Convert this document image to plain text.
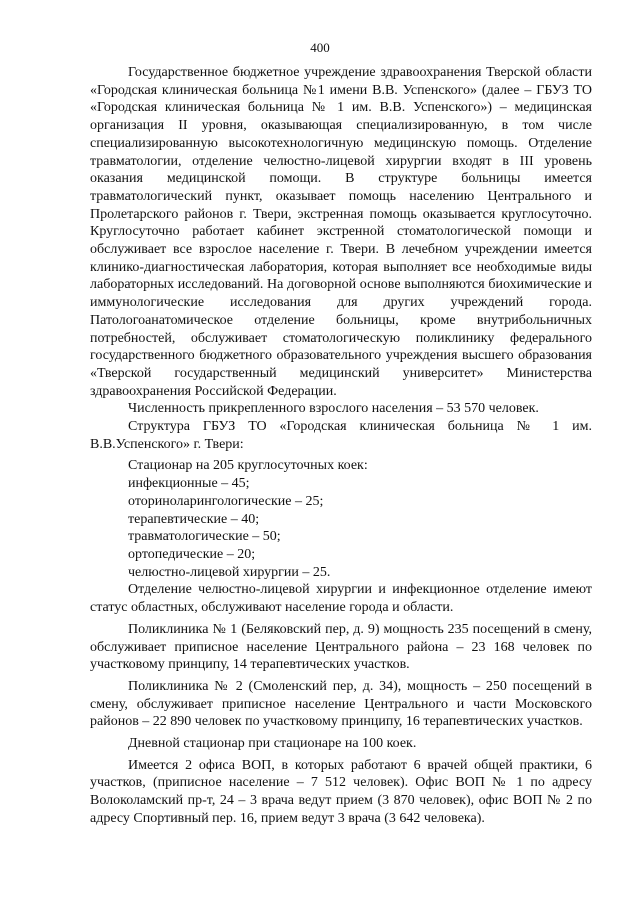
400

Государственное бюджетное учреждение здравоохранения Тверской области «Городская клиническая больница №1 имени В.В. Успенского» (далее – ГБУЗ ТО «Городская клиническая больница № 1 им. В.В. Успенского») – медицинская организация II уровня, оказывающая специализированную, в том числе специализированную высокотехнологичную медицинскую помощь. Отделение травматологии, отделение челюстно-лицевой хирургии входят в III уровень оказания медицинской помощи. В структуре больницы имеется травматологический пункт, оказывает помощь населению Центрального и Пролетарского районов г. Твери, экстренная помощь оказывается круглосуточно. Круглосуточно работает кабинет экстренной стоматологической помощи и обслуживает все взрослое население г. Твери. В лечебном учреждении имеется клинико-диагностическая лаборатория, которая выполняет все необходимые виды лабораторных исследований. На договорной основе выполняются биохимические и иммунологические исследования для других учреждений города. Патологоанатомическое отделение больницы, кроме внутрибольничных потребностей, обслуживает стоматологическую поликлинику федерального государственного бюджетного образовательного учреждения высшего образования «Тверской государственный медицинский университет» Министерства здравоохранения Российской Федерации.

Численность прикрепленного взрослого населения – 53 570 человек.

Структура ГБУЗ ТО «Городская клиническая больница № 1 им. В.В.Успенского» г. Твери:

Стационар на 205 круглосуточных коек:

инфекционные – 45;

оториноларингологические – 25;

терапевтические – 40;

травматологические – 50;

ортопедические – 20;

челюстно-лицевой хирургии – 25.

Отделение челюстно-лицевой хирургии и инфекционное отделение имеют статус областных, обслуживают население города и области.

Поликлиника № 1 (Беляковский пер, д. 9) мощность 235 посещений в смену, обслуживает приписное население Центрального района – 23 168 человек по участковому принципу, 14 терапевтических участков.

Поликлиника № 2 (Смоленский пер, д. 34), мощность – 250 посещений в смену, обслуживает приписное население Центрального и части Московского районов – 22 890 человек по участковому принципу, 16 терапевтических участков.

Дневной стационар при стационаре на 100 коек.

Имеется 2 офиса ВОП, в которых работают 6 врачей общей практики, 6 участков, (приписное население – 7 512 человек). Офис ВОП № 1 по адресу Волоколамский пр-т, 24 – 3 врача ведут прием (3 870 человек), офис ВОП № 2 по адресу Спортивный пер. 16, прием ведут 3 врача (3 642 человека).
